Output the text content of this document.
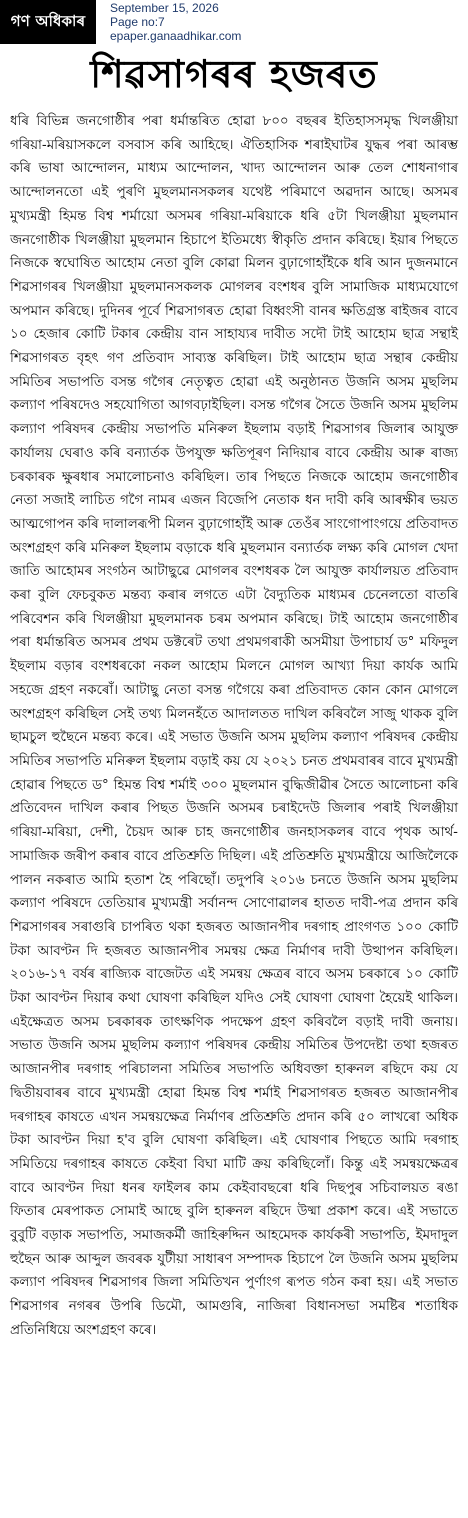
গণ অধিকাৰ
September 15, 2026
Page no:7
epaper.ganaadhikar.com
শিৱসাগৰৰ হজৰত
ধৰি বিভিন্ন জনগোষ্ঠীৰ পৰা ধৰ্মান্তৰিত হোৱা ৮০০ বছৰৰ ইতিহাসসমৃদ্ধ খিলঞ্জীয়া গৰিয়া-মৰিয়াসকলে বসবাস কৰি আহিছে। ঐতিহাসিক শৰাইঘাটৰ যুদ্ধৰ পৰা আৰম্ভ কৰি ভাষা আন্দোলন, মাধ্যম আন্দোলন, খাদ্য আন্দোলন আৰু তেল শোধনাগাৰ আন্দোলনতো এই পুৰণি মুছলমানসকলৰ যথেষ্ট পৰিমাণে অৱদান আছে। অসমৰ মুখ্যমন্ত্ৰী হিমন্ত বিশ্ব শৰ্মায়ো অসমৰ গৰিয়া-মৰিয়াকে ধৰি ৫টা খিলঞ্জীয়া মুছলমান জনগোষ্ঠীক খিলঞ্জীয়া মুছলমান হিচাপে ইতিমধ্যে স্বীকৃতি প্ৰদান কৰিছে। ইয়াৰ পিছতে নিজকে স্বঘোষিত আহোম নেতা বুলি কোৱা মিলন বুঢ়াগোহাঁইকে ধৰি আন দুজনমানে শিৱসাগৰৰ খিলঞ্জীয়া মুছলমানসকলক মোগলৰ বংশধৰ বুলি সামাজিক মাধ্যমযোগে অপমান কৰিছে। দুদিনৰ পূৰ্বে শিৱসাগৰত হোৱা বিধ্বংসী বানৰ ক্ষতিগ্ৰস্ত ৰাইজৰ বাবে ১০ হেজাৰ কোটি টকাৰ কেন্দ্ৰীয় বান সাহায্যৰ দাবীত সদৌ টাই আহোম ছাত্ৰ সন্থাই শিৱসাগৰত বৃহৎ গণ প্ৰতিবাদ সাব্যস্ত কৰিছিল। টাই আহোম ছাত্ৰ সন্থাৰ কেন্দ্ৰীয় সমিতিৰ সভাপতি বসন্ত গগৈৰ নেতৃত্বত হোৱা এই অনুষ্ঠানত উজনি অসম মুছলিম কল্যাণ পৰিষদেও সহযোগিতা আগবঢ়াইছিল। বসন্ত গগৈৰ সৈতে উজনি অসম মুছলিম কল্যাণ পৰিষদৰ কেন্দ্ৰীয় সভাপতি মনিৰুল ইছলাম বড়াই শিৱসাগৰ জিলাৰ আযুক্ত কাৰ্যালয় ঘেৰাও কৰি বন্যাৰ্তক উপযুক্ত ক্ষতিপূৰণ নিদিয়াৰ বাবে কেন্দ্ৰীয় আৰু ৰাজ্য চৰকাৰক ক্ষুৰধাৰ সমালোচনাও কৰিছিল। তাৰ পিছতে নিজকে আহোম জনগোষ্ঠীৰ নেতা সজাই লাচিত গগৈ নামৰ এজন বিজেপি নেতাক ধন দাবী কৰি আৰক্ষীৰ ভয়ত আত্মগোপন কৰি দালালৰূপী মিলন বুঢ়াগোহাঁই আৰু তেওঁৰ সাংগোপাংগয়ে প্ৰতিবাদত অংশগ্ৰহণ কৰি মনিৰুল ইছলাম বড়াকে ধৰি মুছলমান বন্যাৰ্তক লক্ষ্য কৰি মোগল খেদা জাতি আহোমৰ সংগঠন আটাছুৱে মোগলৰ বংশধৰক লৈ আযুক্ত কাৰ্যালয়ত প্ৰতিবাদ কৰা বুলি ফেচবুকত মন্তব্য কৰাৰ লগতে এটা বৈদ্যুতিক মাধ্যমৰ চেনেলতো বাতৰি পৰিবেশন কৰি খিলঞ্জীয়া মুছলমানক চৰম অপমান কৰিছে। টাই আহোম জনগোষ্ঠীৰ পৰা ধৰ্মান্তৰিত অসমৰ প্ৰথম ডক্টৰেট তথা প্ৰথমগৰাকী অসমীয়া উপাচাৰ্য ড° মফিদুল ইছলাম বড়াৰ বংশধৰকো নকল আহোম মিলনে মোগল আখ্যা দিয়া কাৰ্যক আমি সহজে গ্ৰহণ নকৰোঁ। আটাছু নেতা বসন্ত গগৈয়ে কৰা প্ৰতিবাদত কোন কোন মোগলে অংশগ্ৰহণ কৰিছিল সেই তথ্য মিলনহঁতে আদালতত দাখিল কৰিবলৈ সাজু থাকক বুলি ছামচুল হুছৈনে মন্তব্য কৰে। এই সভাত উজনি অসম মুছলিম কল্যাণ পৰিষদৰ কেন্দ্ৰীয় সমিতিৰ সভাপতি মনিৰুল ইছলাম বড়াই কয় যে ২০২১ চনত প্ৰথমবাৰৰ বাবে মুখ্যমন্ত্ৰী হোৱাৰ পিছতে ড° হিমন্ত বিশ্ব শৰ্মাই ৩০০ মুছলমান বুদ্ধিজীৱীৰ সৈতে আলোচনা কৰি প্ৰতিবেদন দাখিল কৰাৰ পিছত উজনি অসমৰ চৰাইদেউ জিলাৰ পৰাই খিলঞ্জীয়া গৰিয়া-মৰিয়া, দেশী, চৈয়দ আৰু চাহ জনগোষ্ঠীৰ জনহাসকলৰ বাবে পৃথক আৰ্থ-সামাজিক জৰীপ কৰাৰ বাবে প্ৰতিশ্ৰুতি দিছিল। এই প্ৰতিশ্ৰুতি মুখ্যমন্ত্ৰীয়ে আজিলৈকে পালন নকৰাত আমি হতাশ হৈ পৰিছোঁ। তদুপৰি ২০১৬ চনতে উজনি অসম মুছলিম কল্যাণ পৰিষদে তেতিয়াৰ মুখ্যমন্ত্ৰী সৰ্বানন্দ সোণোৱালৰ হাতত দাবী-পত্ৰ প্ৰদান কৰি শিৱসাগৰৰ সৰাগুৰি চাপৰিত থকা হজৰত আজানপীৰ দৰগাহ প্ৰাংগণত ১০০ কোটি টকা আবণ্টন দি হজৰত আজানপীৰ সমন্বয় ক্ষেত্ৰ নিৰ্মাণৰ দাবী উত্থাপন কৰিছিল। ২০১৬-১৭ বৰ্ষৰ ৰাজ্যিক বাজেটত এই সমন্বয় ক্ষেত্ৰৰ বাবে অসম চৰকাৰে ১০ কোটি টকা আবণ্টন দিয়াৰ কথা ঘোষণা কৰিছিল যদিও সেই ঘোষণা ঘোষণা হৈয়েই থাকিল। এইক্ষেত্ৰত অসম চৰকাৰক তাৎক্ষণিক পদক্ষেপ গ্ৰহণ কৰিবলৈ বড়াই দাবী জনায়। সভাত উজনি অসম মুছলিম কল্যাণ পৰিষদৰ কেন্দ্ৰীয় সমিতিৰ উপদেষ্টা তথা হজৰত আজানপীৰ দৰগাহ পৰিচালনা সমিতিৰ সভাপতি অধিবক্তা হাৰুনল ৰছিদে কয় যে দ্বিতীয়বাৰৰ বাবে মুখ্যমন্ত্ৰী হোৱা হিমন্ত বিশ্ব শৰ্মাই শিৱসাগৰত হজৰত আজানপীৰ দৰগাহৰ কাষতে এখন সমন্বয়ক্ষেত্ৰ নিৰ্মাণৰ প্ৰতিশ্ৰুতি প্ৰদান কৰি ৫০ লাখৰো অধিক টকা আবণ্টন দিয়া হ'ব বুলি ঘোষণা কৰিছিল। এই ঘোষণাৰ পিছতে আমি দৰগাহ সমিতিয়ে দৰগাহৰ কাষতে কেইবা বিঘা মাটি ক্ৰয় কৰিছিলোঁ। কিন্তু এই সমন্বয়ক্ষেত্ৰৰ বাবে আবণ্টন দিয়া ধনৰ ফাইলৰ কাম কেইবাবছৰো ধৰি দিছপুৰ সচিবালয়ত ৰঙা ফিতাৰ মেৰপাকত সোমাই আছে বুলি হাৰুনল ৰছিদে উষ্মা প্ৰকাশ কৰে। এই সভাতে বুবুটি বড়াক সভাপতি, সমাজকৰ্মী জাহিৰুদ্দিন আহমেদক কাৰ্যকৰী সভাপতি, ইমদাদুল হুছৈন আৰু আব্দুল জবৰক যুটীয়া সাধাৰণ সম্পাদক হিচাপে লৈ উজনি অসম মুছলিম কল্যাণ পৰিষদৰ শিৱসাগৰ জিলা সমিতিখন পুৰ্ণাংগ ৰূপত গঠন কৰা হয়। এই সভাত শিৱসাগৰ নগৰৰ উপৰি ডিমৌ, আমগুৰি, নাজিৰা বিধানসভা সমষ্টিৰ শতাধিক প্ৰতিনিধিয়ে অংশগ্ৰহণ কৰে।
